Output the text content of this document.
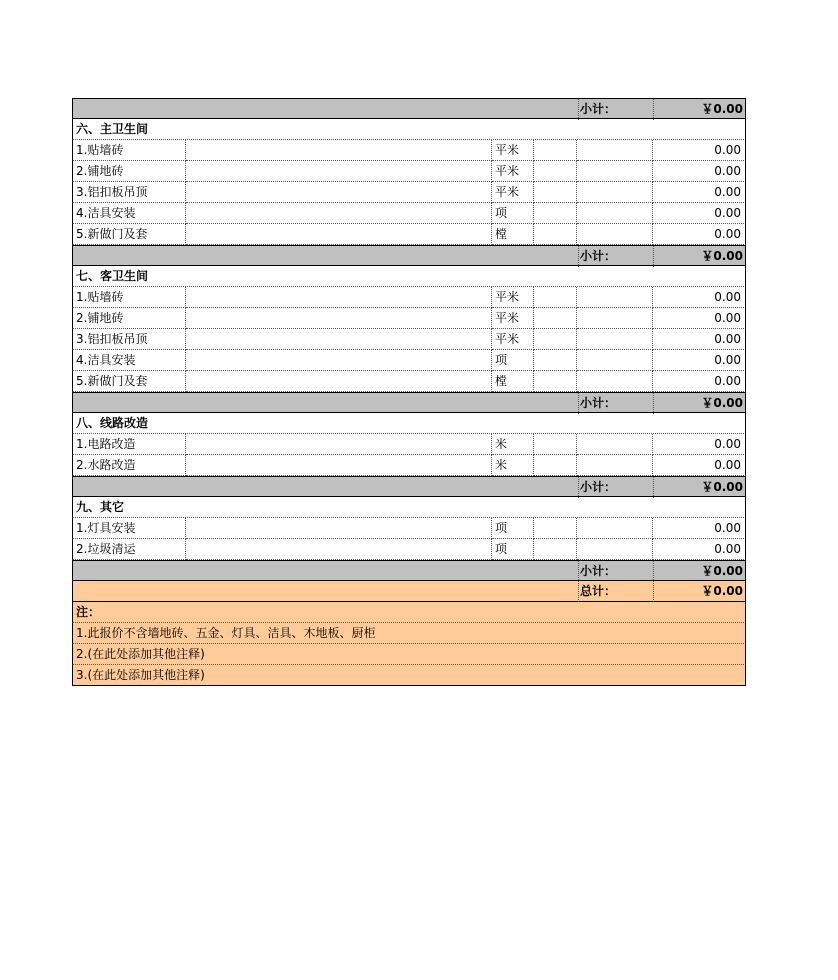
小计：	￥0.00
六、主卫生间
1.贴墙砖	平米	0.00
2.铺地砖	平米	0.00
3.铝扣板吊顶	平米	0.00
4.洁具安装	项	0.00
5.新做门及套	樘	0.00
小计：	￥0.00
七、客卫生间
1.贴墙砖	平米	0.00
2.铺地砖	平米	0.00
3.铝扣板吊顶	平米	0.00
4.洁具安装	项	0.00
5.新做门及套	樘	0.00
小计：	￥0.00
八、线路改造
1.电路改造	米	0.00
2.水路改造	米	0.00
小计：	￥0.00
九、其它
1.灯具安装	项	0.00
2.垃圾清运	项	0.00
小计：	￥0.00
总计：	￥0.00
注：
1.此报价不含墙地砖、五金、灯具、洁具、木地板、厨柜
2.(在此处添加其他注释)
3.(在此处添加其他注释)
